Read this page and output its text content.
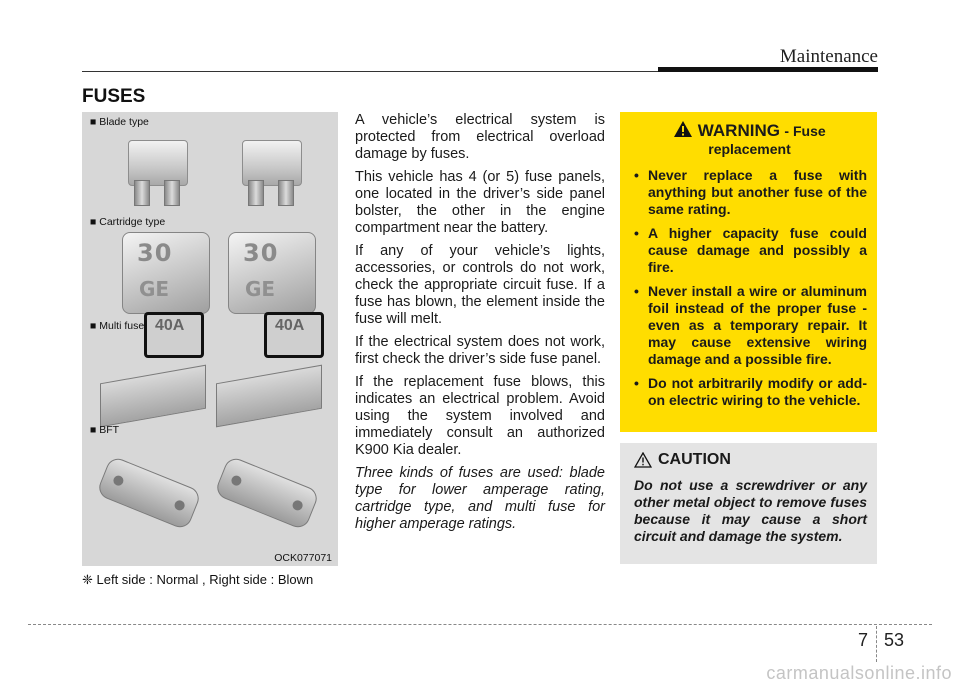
Maintenance
FUSES
■ Blade type
■ Cartridge type
30
GE
30
GE
■ Multi fuse 40A	40A
■ BFT
OCK077071
❈ Left side : Normal , Right side : Blown

A vehicle’s electrical system is protected from electrical overload damage by fuses.

This vehicle has 4 (or 5) fuse panels, one located in the driver’s side panel bolster, the other in the engine compartment near the battery.

If any of your vehicle’s lights, accessories, or controls do not work, check the appropriate circuit fuse. If a fuse has blown, the element inside the fuse will melt.

If the electrical system does not work, first check the driver’s side fuse panel.

If the replacement fuse blows, this indicates an electrical problem. Avoid using the system involved and immediately consult an authorized K900 Kia dealer.

Three kinds of fuses are used: blade type for lower amperage rating, cartridge type, and multi fuse for higher amperage ratings.

WARNING - Fuse replacement
• Never replace a fuse with anything but another fuse of the same rating.
• A higher capacity fuse could cause damage and possibly a fire.
• Never install a wire or aluminum foil instead of the proper fuse - even as a temporary repair. It may cause extensive wiring damage and a possible fire.
• Do not arbitrarily modify or add-on electric wiring to the vehicle.
CAUTION
Do not use a screwdriver or any other metal object to remove fuses because it may cause a short circuit and damage the system.
7 53
carmanualsonline.info
